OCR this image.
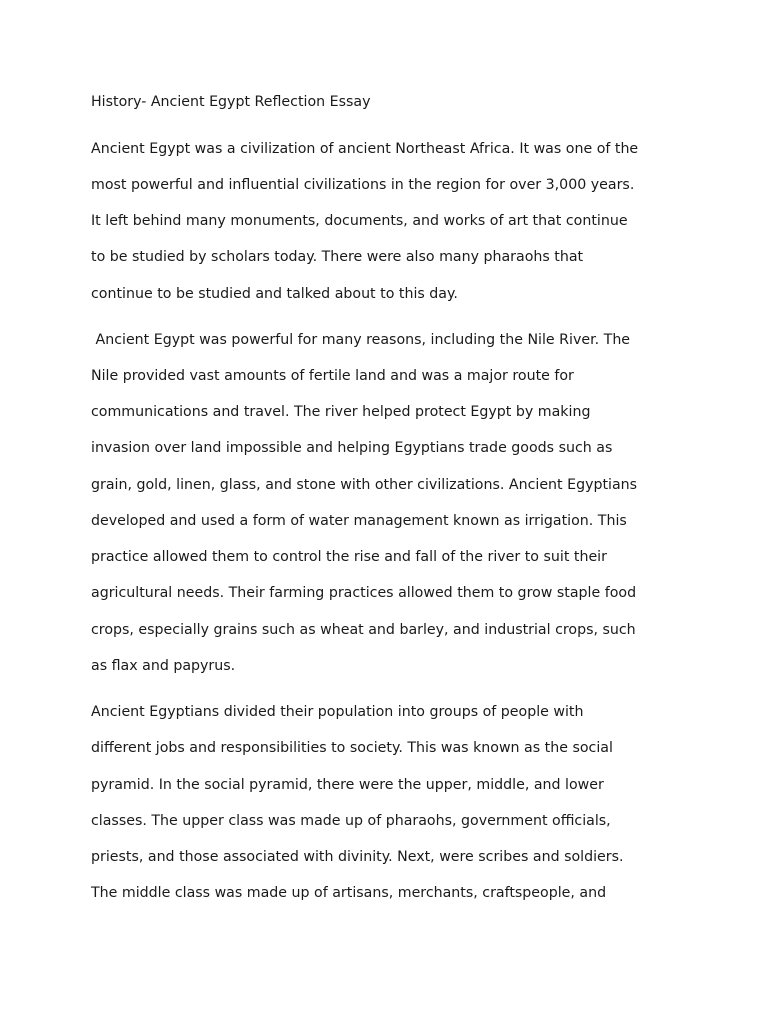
History- Ancient Egypt Reflection Essay
Ancient Egypt was a civilization of ancient Northeast Africa. It was one of the
most powerful and influential civilizations in the region for over 3,000 years.
It left behind many monuments, documents, and works of art that continue
to be studied by scholars today. There were also many pharaohs that
continue to be studied and talked about to this day.
Ancient Egypt was powerful for many reasons, including the Nile River. The
Nile provided vast amounts of fertile land and was a major route for
communications and travel. The river helped protect Egypt by making
invasion over land impossible and helping Egyptians trade goods such as
grain, gold, linen, glass, and stone with other civilizations. Ancient Egyptians
developed and used a form of water management known as irrigation. This
practice allowed them to control the rise and fall of the river to suit their
agricultural needs. Their farming practices allowed them to grow staple food
crops, especially grains such as wheat and barley, and industrial crops, such
as flax and papyrus.
Ancient Egyptians divided their population into groups of people with
different jobs and responsibilities to society. This was known as the social
pyramid. In the social pyramid, there were the upper, middle, and lower
classes. The upper class was made up of pharaohs, government officials,
priests, and those associated with divinity. Next, were scribes and soldiers.
The middle class was made up of artisans, merchants, craftspeople, and
